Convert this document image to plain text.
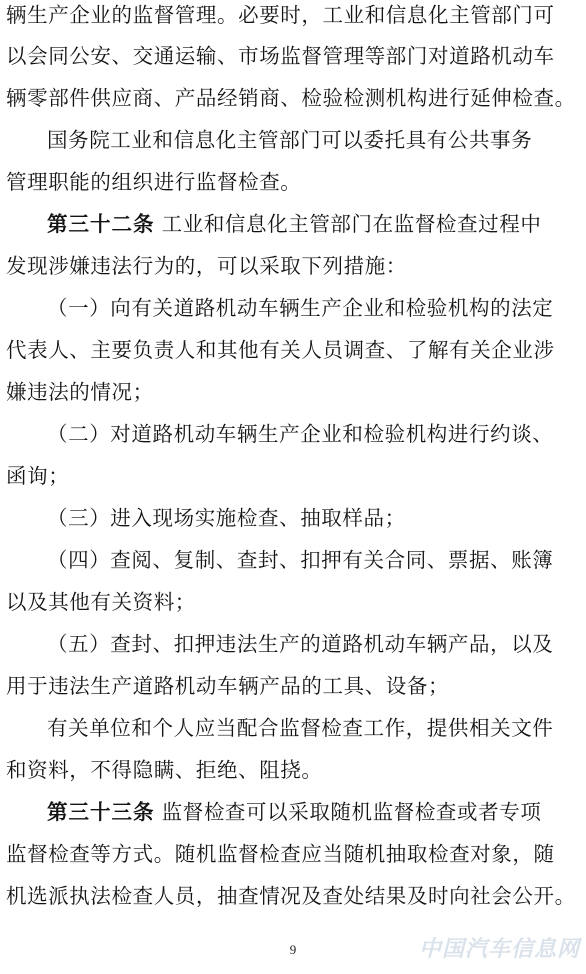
辆生产企业的监督管理。必要时，工业和信息化主管部门可
以会同公安、交通运输、市场监督管理等部门对道路机动车
辆零部件供应商、产品经销商、检验检测机构进行延伸检查。
国务院工业和信息化主管部门可以委托具有公共事务
管理职能的组织进行监督检查。
第三十二条 工业和信息化主管部门在监督检查过程中
发现涉嫌违法行为的，可以采取下列措施：
（一）向有关道路机动车辆生产企业和检验机构的法定
代表人、主要负责人和其他有关人员调查、了解有关企业涉
嫌违法的情况；
（二）对道路机动车辆生产企业和检验机构进行约谈、
函询；
（三）进入现场实施检查、抽取样品；
（四）查阅、复制、查封、扣押有关合同、票据、账簿
以及其他有关资料；
（五）查封、扣押违法生产的道路机动车辆产品，以及
用于违法生产道路机动车辆产品的工具、设备；
有关单位和个人应当配合监督检查工作，提供相关文件
和资料，不得隐瞒、拒绝、阻挠。
第三十三条 监督检查可以采取随机监督检查或者专项
监督检查等方式。随机监督检查应当随机抽取检查对象，随
机选派执法检查人员，抽查情况及查处结果及时向社会公开。
9	中国汽车信息网
